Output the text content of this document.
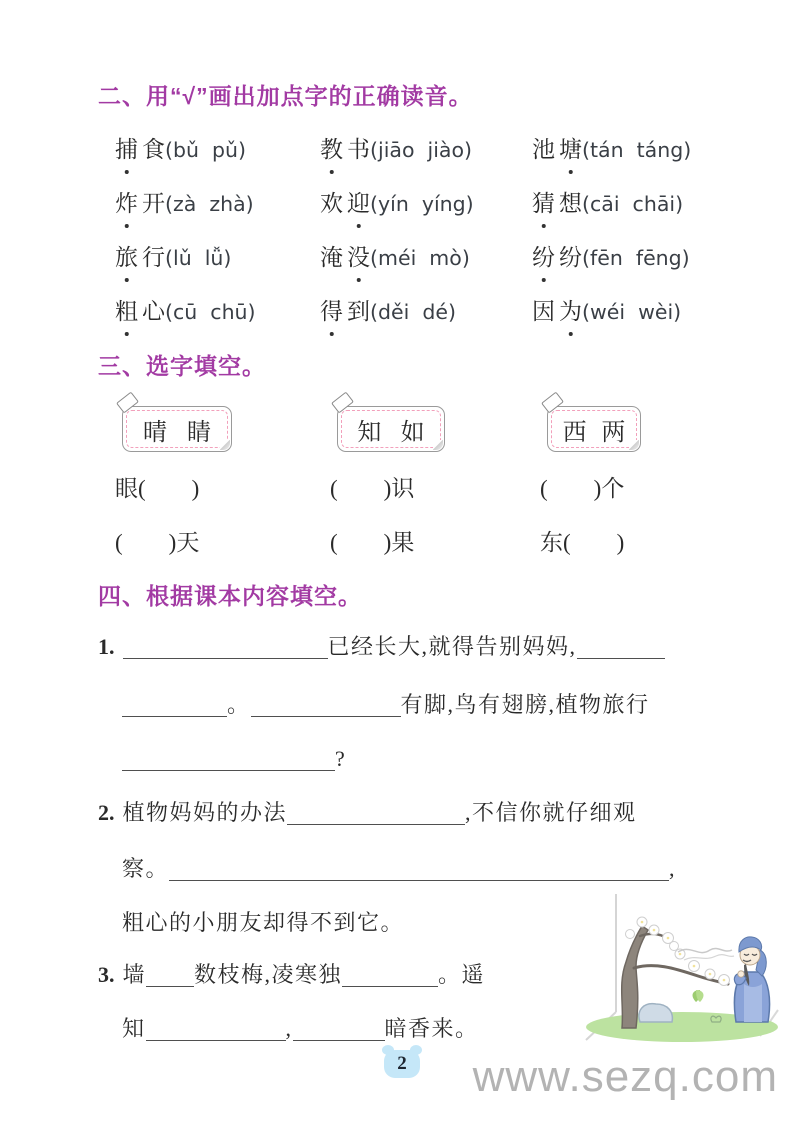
二、用“√”画出加点字的正确读音。
捕 食(bǔ  pǔ)	教 书(jiāo  jiào)	池 塘(tán  táng)
炸 开(zà  zhà)	欢 迎(yín  yíng)	猜 想(cāi  chāi)
旅 行(lǔ  lǚ)	淹 没(méi  mò)	纷 纷(fēn  fēng)
粗 心(cū  chū)	得 到(děi  dé)	因 为(wéi  wèi)
三、选字填空。
晴 睛	知 如	西 两
眼(　　)	(　　)识	(　　)个
(　　)天	(　　)果	东(　　)
四、根据课本内容填空。
1.	已经长大,就得告别妈妈,
。	有脚,鸟有翅膀,植物旅行
?
2. 植物妈妈的办法	,不信你就仔细观
察。	,
粗心的小朋友却得不到它。
3. 墙 数枝梅,凌寒独	。遥
知	,	暗香来。
2 www.sezq.com
